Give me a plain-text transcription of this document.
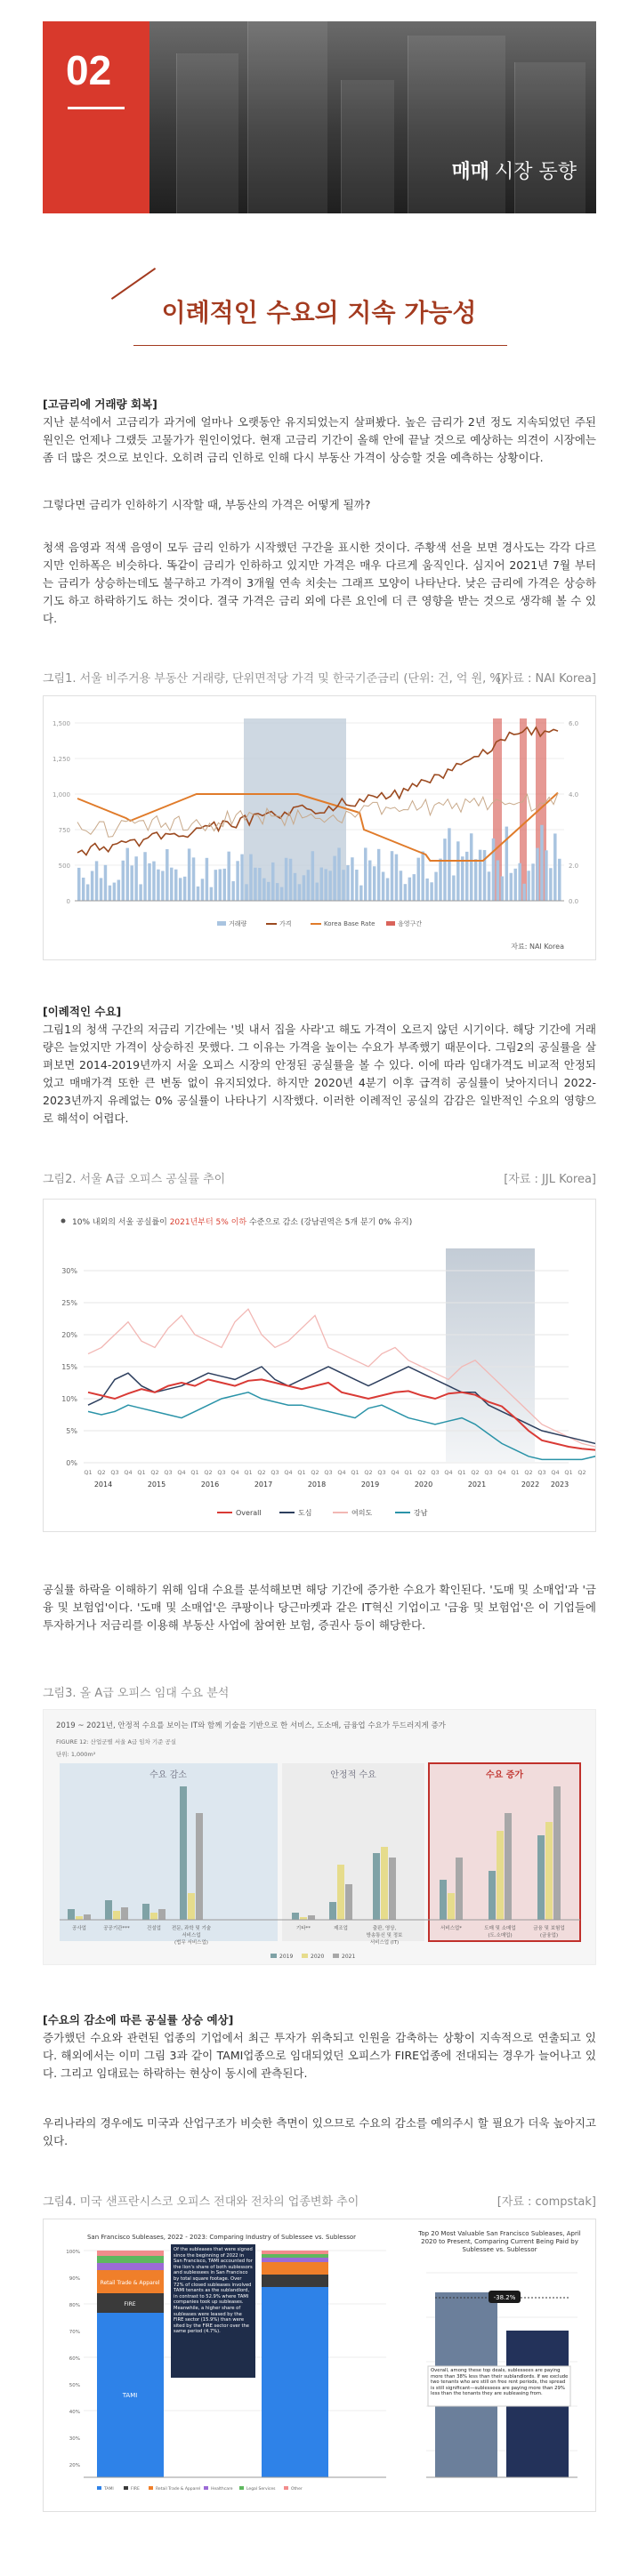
02
매매 시장 동향
이례적인 수요의 지속 가능성
[고금리에 거래량 회복]
지난 분석에서 고금리가 과거에 얼마나 오랫동안 유지되었는지 살펴봤다. 높은 금리가 2년 정도 지속되었던 주된 원인은 언제나 그랬듯 고물가가 원인이었다. 현재 고금리 기간이 올해 안에 끝날 것으로 예상하는 의견이 시장에는 좀 더 많은 것으로 보인다. 오히려 금리 인하로 인해 다시 부동산 가격이 상승할 것을 예측하는 상황이다.
그렇다면 금리가 인하하기 시작할 때, 부동산의 가격은 어떻게 될까?
청색 음영과 적색 음영이 모두 금리 인하가 시작했던 구간을 표시한 것이다. 주황색 선을 보면 경사도는 각각 다르지만 인하폭은 비슷하다. 똑같이 금리가 인하하고 있지만 가격은 매우 다르게 움직인다. 심지어 2021년 7월 부터는 금리가 상승하는데도 불구하고 가격이 3개월 연속 치솟는 그래프 모양이 나타난다. 낮은 금리에 가격은 상승하기도 하고 하락하기도 하는 것이다. 결국 가격은 금리 외에 다른 요인에 더 큰 영향을 받는 것으로 생각해 볼 수 있다.
그림1. 서울 비주거용 부동산 거래량, 단위면적당 가격 및 한국기준금리 (단위: 건, 억 원, %)
[자료 : NAI Korea]
1,500
1,250
1,000
750
500
0
6.0
4.0
2.0
0.0
거래량	가격	Korea Base Rate	음영구간
자료: NAI Korea
[이례적인 수요]
그림1의 청색 구간의 저금리 기간에는 '빚 내서 집을 사라'고 해도 가격이 오르지 않던 시기이다. 해당 기간에 거래량은 늘었지만 가격이 상승하진 못했다. 그 이유는 가격을 높이는 수요가 부족했기 때문이다. 그림2의 공실률을 살펴보면 2014-2019년까지 서울 오피스 시장의 안정된 공실률을 볼 수 있다. 이에 따라 임대가격도 비교적 안정되었고 매매가격 또한 큰 변동 없이 유지되었다. 하지만 2020년 4분기 이후 급격히 공실률이 낮아지더니 2022-2023년까지 유례없는 0% 공실률이 나타나기 시작했다. 이러한 이례적인 공실의 감감은 일반적인 수요의 영향으로 해석이 어렵다.
그림2. 서울 A급 오피스 공실률 추이	[자료 : JJL Korea]
10% 내외의 서울 공실률이 2021년부터 5% 이하 수준으로 감소 (강남권역은 5개 분기 0% 유지)
30%
25%
20%
15%
10%
5%
0%
Q1 Q2 Q3 Q4 Q1 Q2 Q3 Q4 Q1 Q2 Q3 Q4 Q1 Q2 Q3 Q4 Q1 Q2 Q3 Q4 Q1 Q2 Q3 Q4 Q1 Q2 Q3 Q4 Q1 Q2 Q3 Q4 Q1 Q2 Q3 Q4 Q1 Q2
2014	2015	2016	2017	2018	2019	2020	2021	2022 2023
Overall	도심	여의도	강남
공실률 하락을 이해하기 위해 임대 수요를 분석해보면 해당 기간에 증가한 수요가 확인된다. '도매 및 소매업'과 '금융 및 보험업'이다. '도매 및 소매업'은 쿠팡이나 당근마켓과 같은 IT혁신 기업이고 '금융 및 보험업'은 이 기업들에 투자하거나 저금리를 이용해 부동산 사업에 참여한 보험, 증권사 등이 해당한다.
그림3. 올 A급 오피스 임대 수요 분석
2019 ~ 2021년, 안정적 수요를 보이는 IT와 함께 기술을 기반으로 한 서비스, 도소매, 금융업 수요가 두드러지게 증가
FIGURE 12: 산업군별 서울 A급 임차 기준 공실
단위: 1,000m²
수요 감소	안정적 수요	수요 증가
공사업	공공기관***	건설업 전문, 과학 및 기술
서비스업
(법무 서비스업)
기타**	제조업	출판, 영상,
방송통신 및 정보
서비스업 (IT)
서비스업*	도매 및 소매업
(도.소매업)
금융 및 보험업
(금융업)
2019	2020	2021
[수요의 감소에 따른 공실률 상승 예상]
증가했던 수요와 관련된 업종의 기업에서 최근 투자가 위축되고 인원을 감축하는 상황이 지속적으로 연출되고 있다. 해외에서는 이미 그림 3과 같이 TAMI업종으로 임대되었던 오피스가 FIRE업종에 전대되는 경우가 늘어나고 있다. 그리고 임대료는 하락하는 현상이 동시에 관측된다.
우리나라의 경우에도 미국과 산업구조가 비슷한 측면이 있으므로 수요의 감소를 예의주시 할 필요가 더욱 높아지고 있다.
그림4. 미국 샌프란시스코 오피스 전대와 전차의 업종변화 추이	[자료 : compstak]
San Francisco Subleases, 2022 - 2023: Comparing Industry of Sublessee vs. Sublessor	Top 20 Most Valuable San Francisco Subleases, April 2020 to Present, Comparing Current Being Paid by Sublessee vs. Sublessor
100%
90%
80%
70%
60%
50%
40%
30%
20%
Retail Trade & Apparel
FIRE
TAMI
Of the subleases that were signed since the beginning of 2022 in San Francisco, TAMI accounted for the lion's share of both sublessors and sublessees in San Francisco by total square footage. Over 72% of closed subleases involved TAMI tenants as the sublandlord, in contrast to 52.9% where TAMI companies took up subleases. Meanwhile, a higher share of subleases were leased by the FIRE sector (15.9%) than were sited by the FIRE sector over the same period (4.7%).
TAMI	FIRE	Retail Trade & Apparel	Healthcare	Legal Services	Other
-38.2%
Overall, among these top deals, sublessees are paying more than 38% less than their sublandlords. If we exclude two tenants who are still on free rent periods, the spread is still significant—sublessees are paying more than 29% less than the tenants they are subleasing from.
